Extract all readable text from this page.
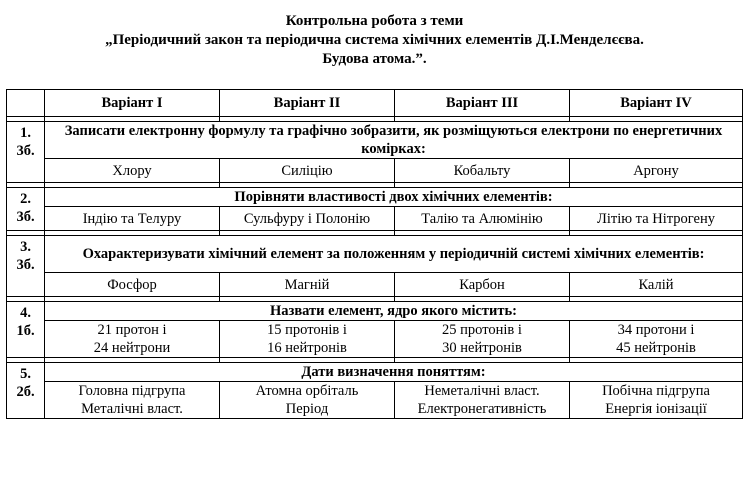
Контрольна робота з теми
„Періодичний закон та періодична система хімічних елементів Д.І.Менделєєва.
Будова атома.”.
	Варіант І	Варіант ІІ	Варіант ІІІ	Варіант IV

1.
3б.	Записати електронну формулу та графічно зобразити, як розміщуються електрони по енергетичних комірках:			
	Хлору	Силіцію	Кобальту	Аргону

2.
3б.	Порівняти властивості двох хімічних елементів:			
	Індію та Телуру	Сульфуру і Полонію	Талію та Алюмінію	Літію та Нітрогену

3.
3б.	Охарактеризувати хімічний елемент за положенням у періодичній системі хімічних елементів:			
	Фосфор	Магній	Карбон	Калій

4.
1б.	Назвати елемент, ядро якого містить:			

	21 протон і
24 нейтрони	15 протонів і
16 нейтронів	25 протонів і
30 нейтронів	34 протони і
45 нейтронів

5.
2б.	Дати визначення поняттям:			

	Головна підгрупа
Металічні власт.	Атомна орбіталь
Період	Неметалічні власт.
Електронегативність	Побічна підгрупа
Енергія іонізації
